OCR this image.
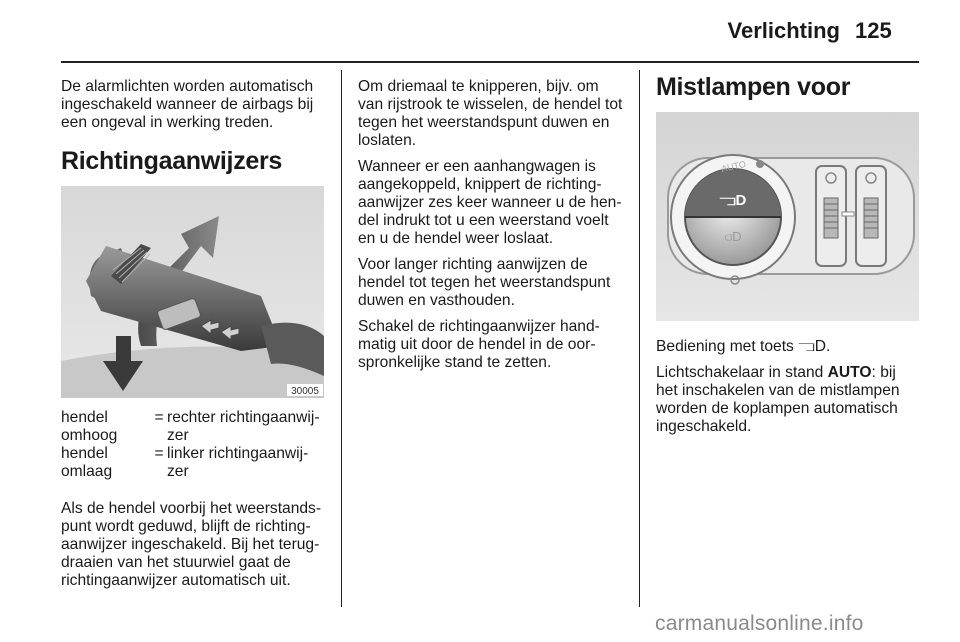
Verlichting 125

De alarmlichten worden automatisch ingeschakeld wanneer de airbags bij een ongeval in werking treden.

Richtingaanwijzers
30005
hendel omhoog
= rechter richtingaanwij-zer
hendel omlaag
= linker richtingaanwij-zer

Als de hendel voorbij het weerstands-punt wordt geduwd, blijft de richting-aanwijzer ingeschakeld. Bij het terug-draaien van het stuurwiel gaat de richtingaanwijzer automatisch uit.

Om driemaal te knipperen, bijv. om van rijstrook te wisselen, de hendel tot tegen het weerstandspunt duwen en loslaten.

Wanneer er een aanhangwagen is aangekoppeld, knippert de richting-aanwijzer zes keer wanneer u de hen-del indrukt tot u een weerstand voelt en u de hendel weer loslaat.

Voor langer richting aanwijzen de hendel tot tegen het weerstandspunt duwen en vasthouden.

Schakel de richtingaanwijzer hand-matig uit door de hendel in de oor-spronkelijke stand te zetten.

Mistlampen voor
⫎D
⫏D
AUTO

Bediening met toets ⫎D.

Lichtschakelaar in stand AUTO: bij het inschakelen van de mistlampen worden de koplampen automatisch ingeschakeld.

carmanualsonline.info
